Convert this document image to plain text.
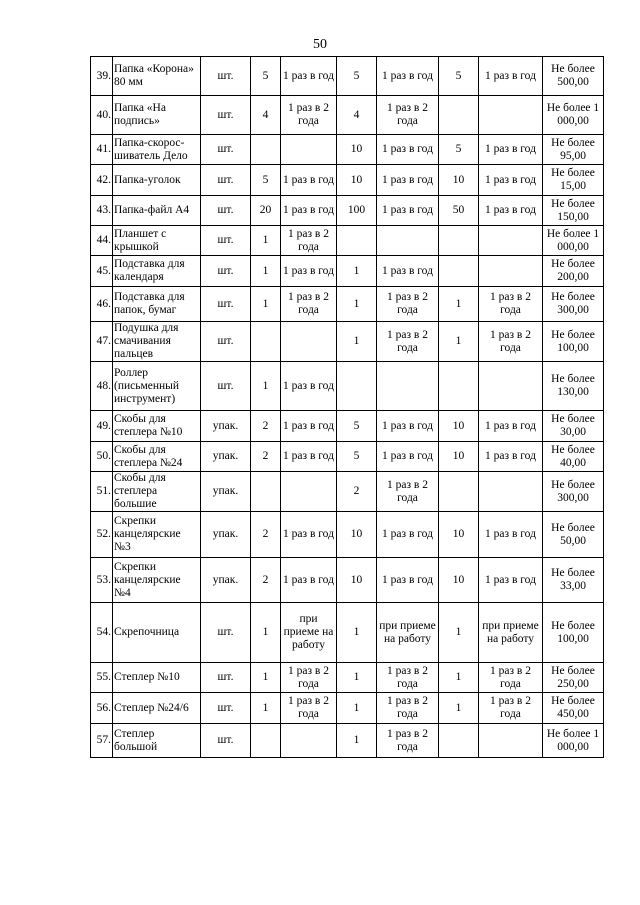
50
39.	Папка «Корона» 80 мм	шт.	5	1 раз в год	5	1 раз в год	5	1 раз в год	Не более 500,00
40.	Папка «На подпись»	шт.	4	1 раз в 2 года	4	1 раз в 2 года			Не более 1 000,00
41.	Папка-скорос-шиватель Дело	шт.			10	1 раз в год	5	1 раз в год	Не более 95,00
42.	Папка-уголок	шт.	5	1 раз в год	10	1 раз в год	10	1 раз в год	Не более 15,00
43.	Папка-файл А4	шт.	20	1 раз в год	100	1 раз в год	50	1 раз в год	Не более 150,00
44.	Планшет с крышкой	шт.	1	1 раз в 2 года					Не более 1 000,00
45.	Подставка для календаря	шт.	1	1 раз в год	1	1 раз в год			Не более 200,00
46.	Подставка для папок, бумаг	шт.	1	1 раз в 2 года	1	1 раз в 2 года	1	1 раз в 2 года	Не более 300,00
47.	Подушка для смачивания пальцев	шт.			1	1 раз в 2 года	1	1 раз в 2 года	Не более 100,00
48.	Роллер (письменный инструмент)	шт.	1	1 раз в год					Не более 130,00
49.	Скобы для степлера №10	упак.	2	1 раз в год	5	1 раз в год	10	1 раз в год	Не более 30,00
50.	Скобы для степлера №24	упак.	2	1 раз в год	5	1 раз в год	10	1 раз в год	Не более 40,00
51.	Скобы для степлера большие	упак.			2	1 раз в 2 года			Не более 300,00
52.	Скрепки канцелярские №3	упак.	2	1 раз в год	10	1 раз в год	10	1 раз в год	Не более 50,00
53.	Скрепки канцелярские №4	упак.	2	1 раз в год	10	1 раз в год	10	1 раз в год	Не более 33,00
54.	Скрепочница	шт.	1	при приеме на работу	1	при приеме на работу	1	при приеме на работу	Не более 100,00
55.	Степлер №10	шт.	1	1 раз в 2 года	1	1 раз в 2 года	1	1 раз в 2 года	Не более 250,00
56.	Степлер №24/6	шт.	1	1 раз в 2 года	1	1 раз в 2 года	1	1 раз в 2 года	Не более 450,00
57.	Степлер большой	шт.			1	1 раз в 2 года			Не более 1 000,00
